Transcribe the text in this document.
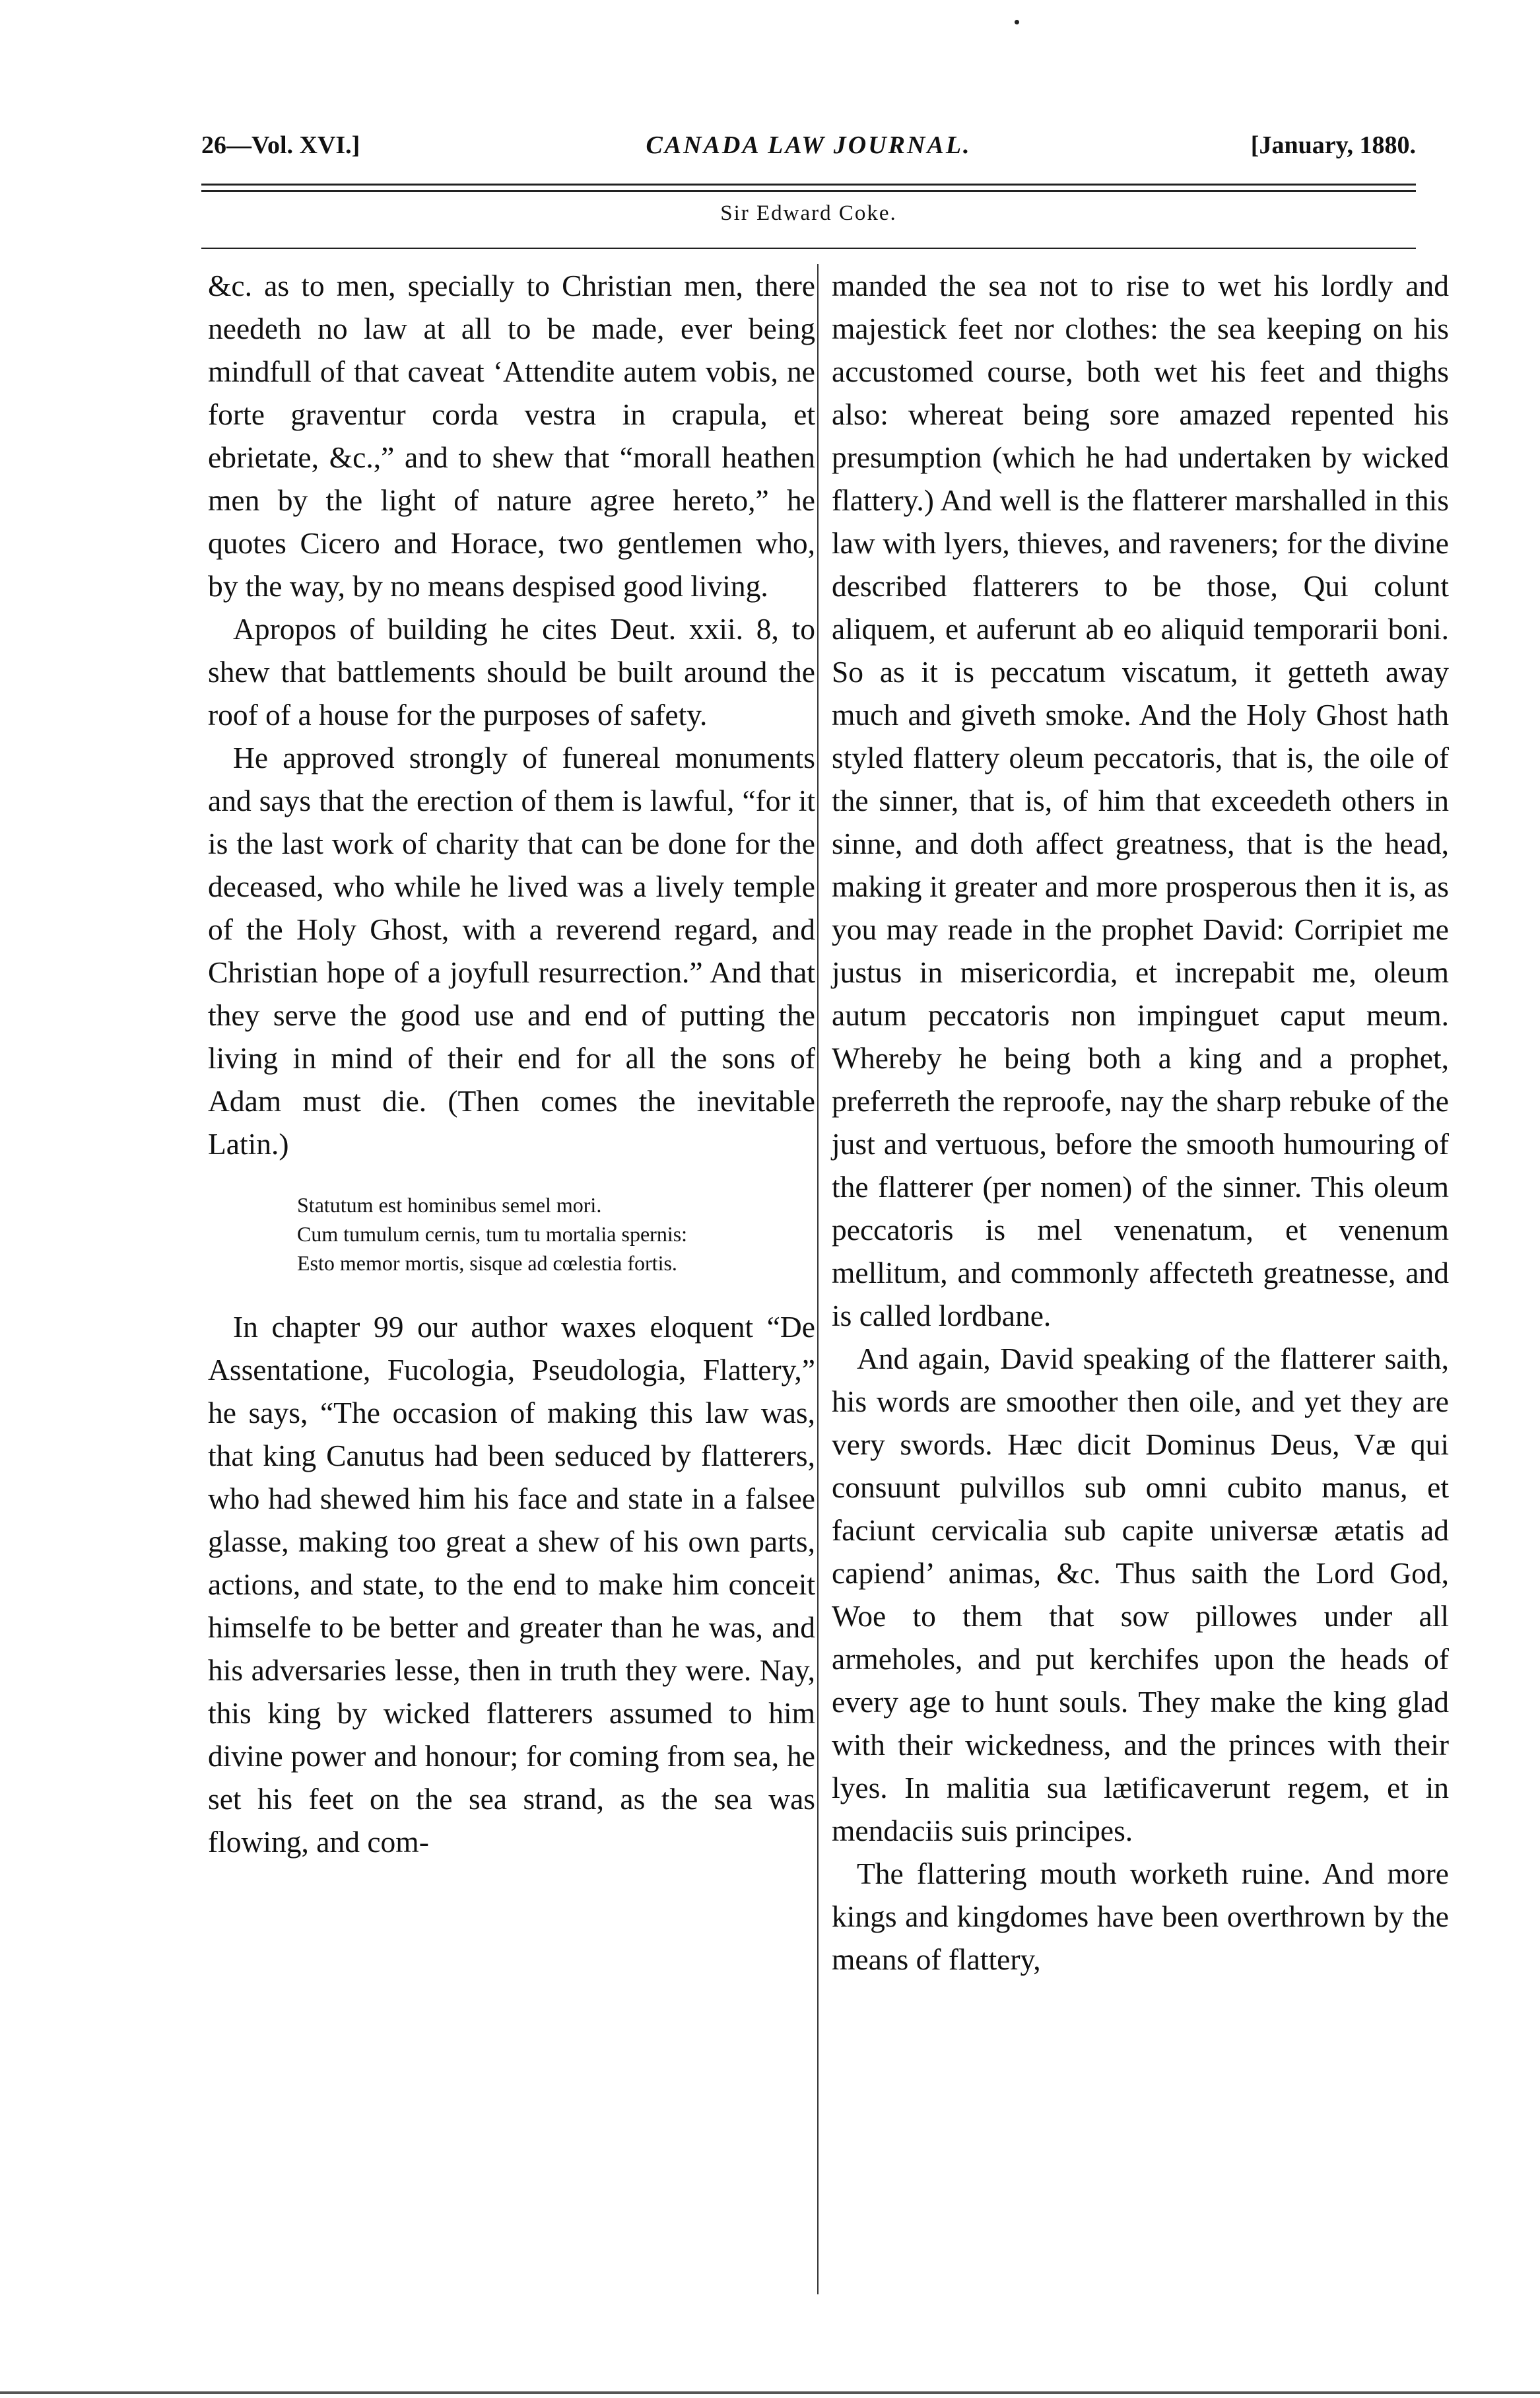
26—Vol. XVI.]	CANADA LAW JOURNAL.	[January, 1880.
Sir Edward Coke.

&c. as to men, specially to Christian men, there needeth no law at all to be made, ever being mindfull of that caveat ‘Attendite autem vobis, ne forte graventur corda vestra in crapula, et ebrietate, &c.,” and to shew that “morall heathen men by the light of nature agree hereto,” he quotes Cicero and Horace, two gentlemen who, by the way, by no means despised good living.

Apropos of building he cites Deut. xxii. 8, to shew that battlements should be built around the roof of a house for the purposes of safety.

He approved strongly of funereal monuments and says that the erection of them is lawful, “for it is the last work of charity that can be done for the deceased, who while he lived was a lively temple of the Holy Ghost, with a reverend regard, and Christian hope of a joyfull resurrection.” And that they serve the good use and end of putting the living in mind of their end for all the sons of Adam must die. (Then comes the inevitable Latin.)

Statutum est hominibus semel mori.
Cum tumulum cernis, tum tu mortalia spernis:
Esto memor mortis, sisque ad cœlestia fortis.

In chapter 99 our author waxes eloquent “De Assentatione, Fucologia, Pseudologia, Flattery,” he says, “The occasion of making this law was, that king Canutus had been seduced by flatterers, who had shewed him his face and state in a falsee glasse, making too great a shew of his own parts, actions, and state, to the end to make him conceit himselfe to be better and greater than he was, and his adversaries lesse, then in truth they were. Nay, this king by wicked flatterers assumed to him divine power and honour; for coming from sea, he set his feet on the sea strand, as the sea was flowing, and com-

manded the sea not to rise to wet his lordly and majestick feet nor clothes: the sea keeping on his accustomed course, both wet his feet and thighs also: whereat being sore amazed repented his presumption (which he had undertaken by wicked flattery.) And well is the flatterer marshalled in this law with lyers, thieves, and raveners; for the divine described flatterers to be those, Qui colunt aliquem, et auferunt ab eo aliquid temporarii boni. So as it is peccatum viscatum, it getteth away much and giveth smoke. And the Holy Ghost hath styled flattery oleum peccatoris, that is, the oile of the sinner, that is, of him that exceedeth others in sinne, and doth affect greatness, that is the head, making it greater and more prosperous then it is, as you may reade in the prophet David: Corripiet me justus in misericordia, et increpabit me, oleum autum peccatoris non impinguet caput meum. Whereby he being both a king and a prophet, preferreth the reproofe, nay the sharp rebuke of the just and vertuous, before the smooth humouring of the flatterer (per nomen) of the sinner. This oleum peccatoris is mel venenatum, et venenum mellitum, and commonly affecteth greatnesse, and is called lordbane.

And again, David speaking of the flatterer saith, his words are smoother then oile, and yet they are very swords. Hæc dicit Dominus Deus, Væ qui consuunt pulvillos sub omni cubito manus, et faciunt cervicalia sub capite universæ ætatis ad capiend’ animas, &c. Thus saith the Lord God, Woe to them that sow pillowes under all armeholes, and put kerchifes upon the heads of every age to hunt souls. They make the king glad with their wickedness, and the princes with their lyes. In malitia sua lætificaverunt regem, et in mendaciis suis principes.

The flattering mouth worketh ruine. And more kings and kingdomes have been overthrown by the means of flattery,
